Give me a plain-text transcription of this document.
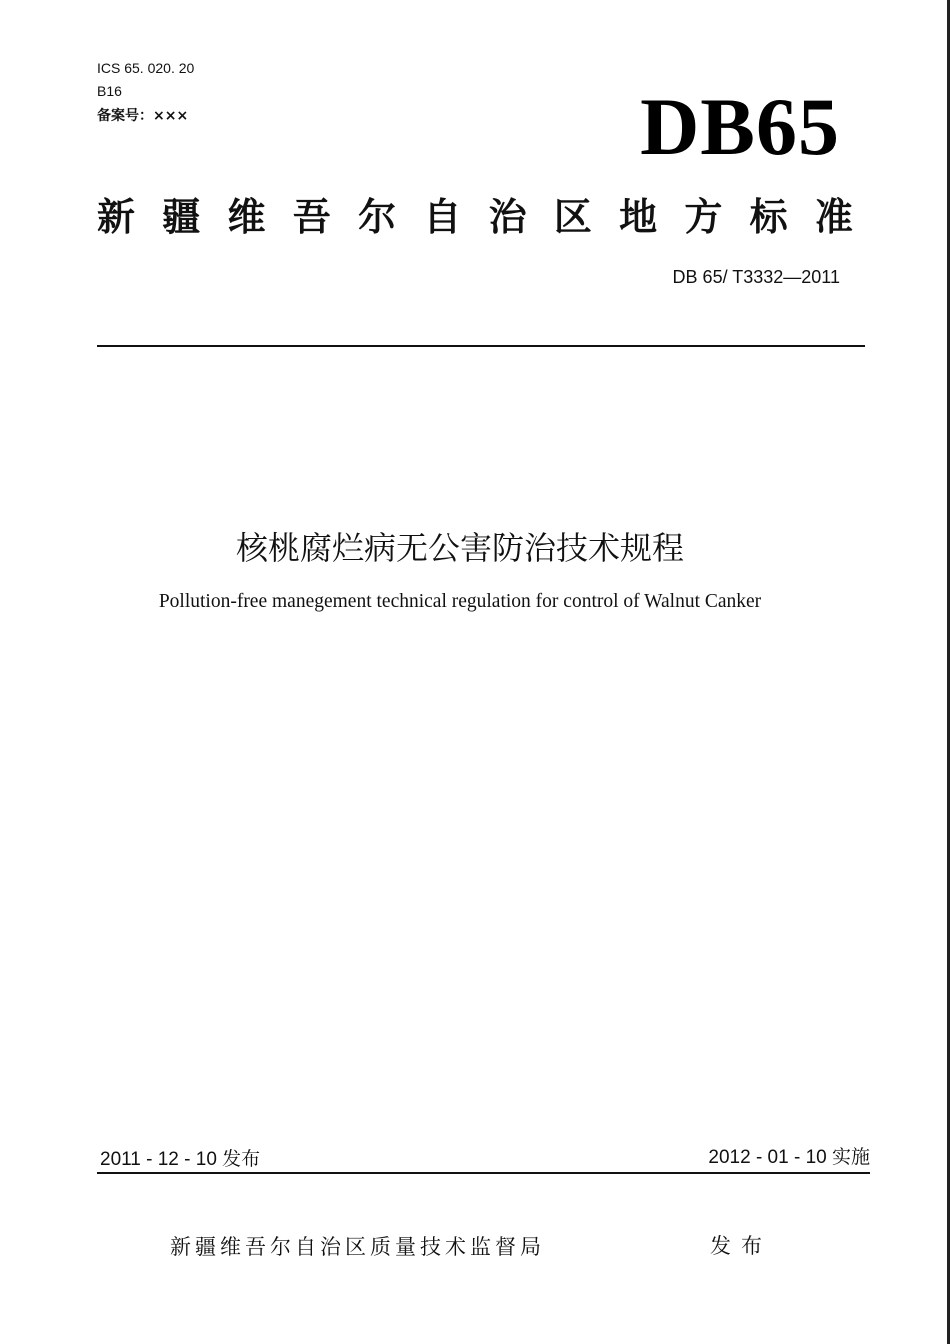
ICS 65. 020. 20
B16
备案号：×××	DB65
新 疆 维 吾 尔 自 治 区 地 方 标 准
DB 65/ T3332—2011
核桃腐烂病无公害防治技术规程
Pollution-free manegement technical regulation for control of Walnut Canker
2011 - 12 - 10 发布	2012 - 01 - 10 实施
新疆维吾尔自治区质量技术监督局	发布
